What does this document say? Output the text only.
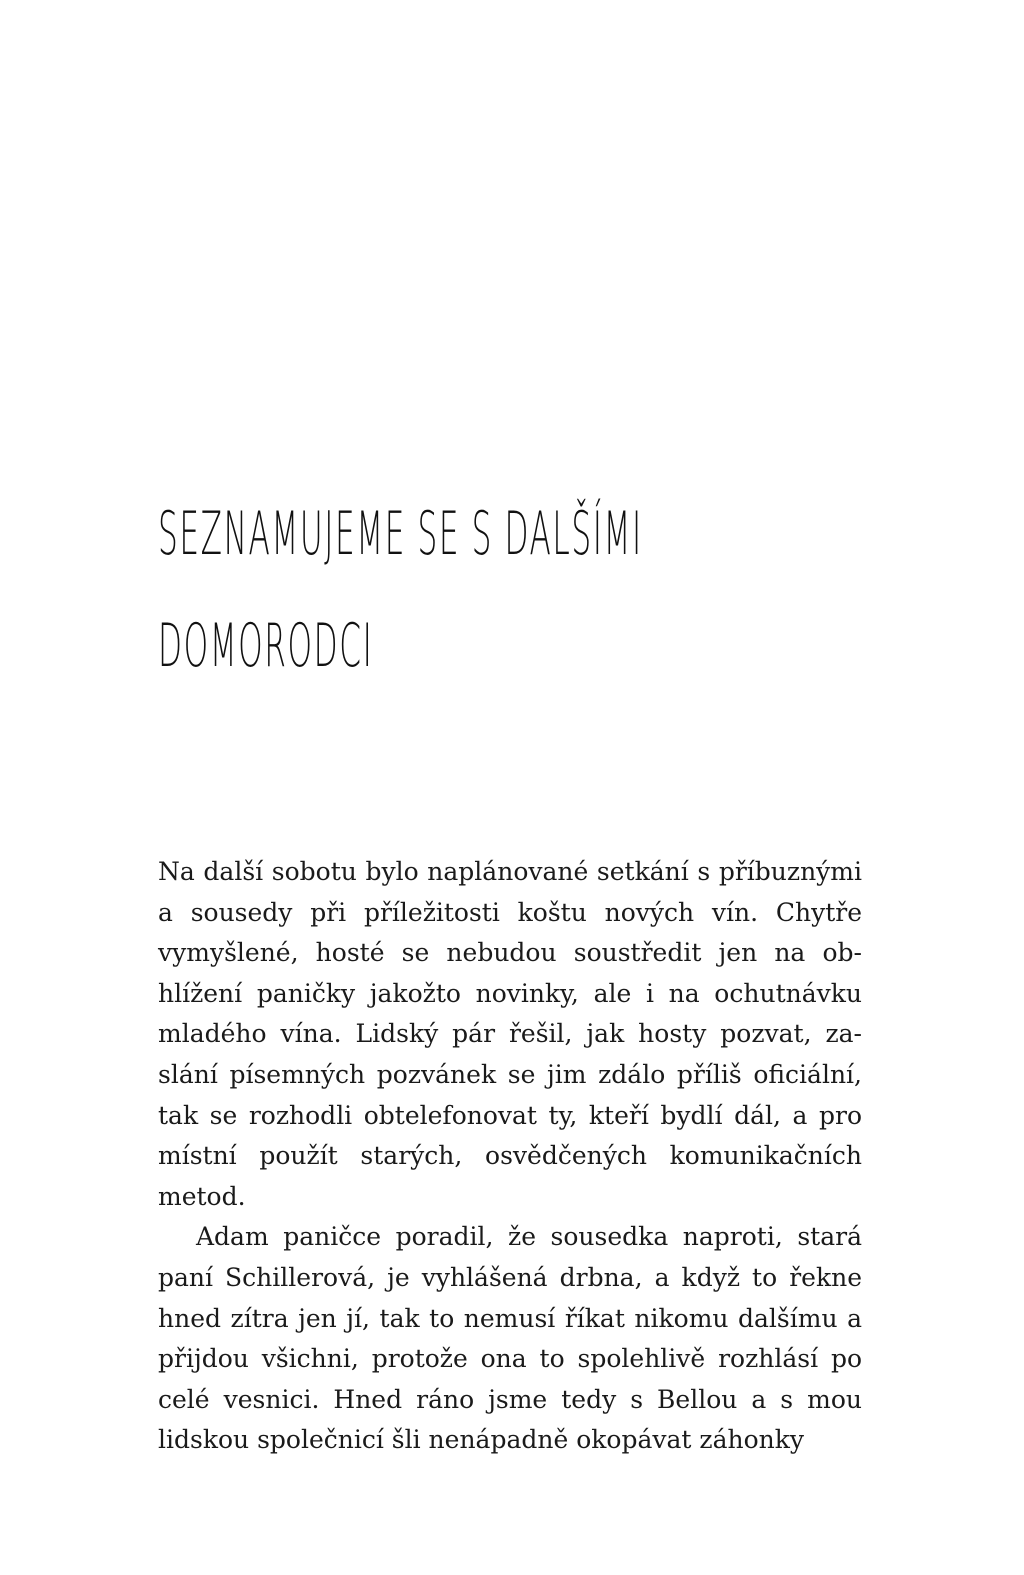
SEZNAMUJEME SE S DALŠÍMI
DOMORODCI

Na další sobotu bylo naplánované setkání s příbuznými a sousedy při příležitosti koštu nových vín. Chytře vymyšlené, hosté se nebudou soustředit jen na obhlížení paničky jakožto novinky, ale i na ochutnávku mladého vína. Lidský pár řešil, jak hosty pozvat, zaslání písemných pozvánek se jim zdálo příliš oficiální, tak se rozhodli obtelefonovat ty, kteří bydlí dál, a pro místní použít starých, osvědčených komunikačních metod.

Adam paničce poradil, že sousedka naproti, stará paní Schillerová, je vyhlášená drbna, a když to řekne hned zítra jen jí, tak to nemusí říkat nikomu dalšímu a přijdou všichni, protože ona to spolehlivě rozhlásí po celé vesnici. Hned ráno jsme tedy s Bellou a s mou lidskou společnicí šli nenápadně okopávat záhonky
